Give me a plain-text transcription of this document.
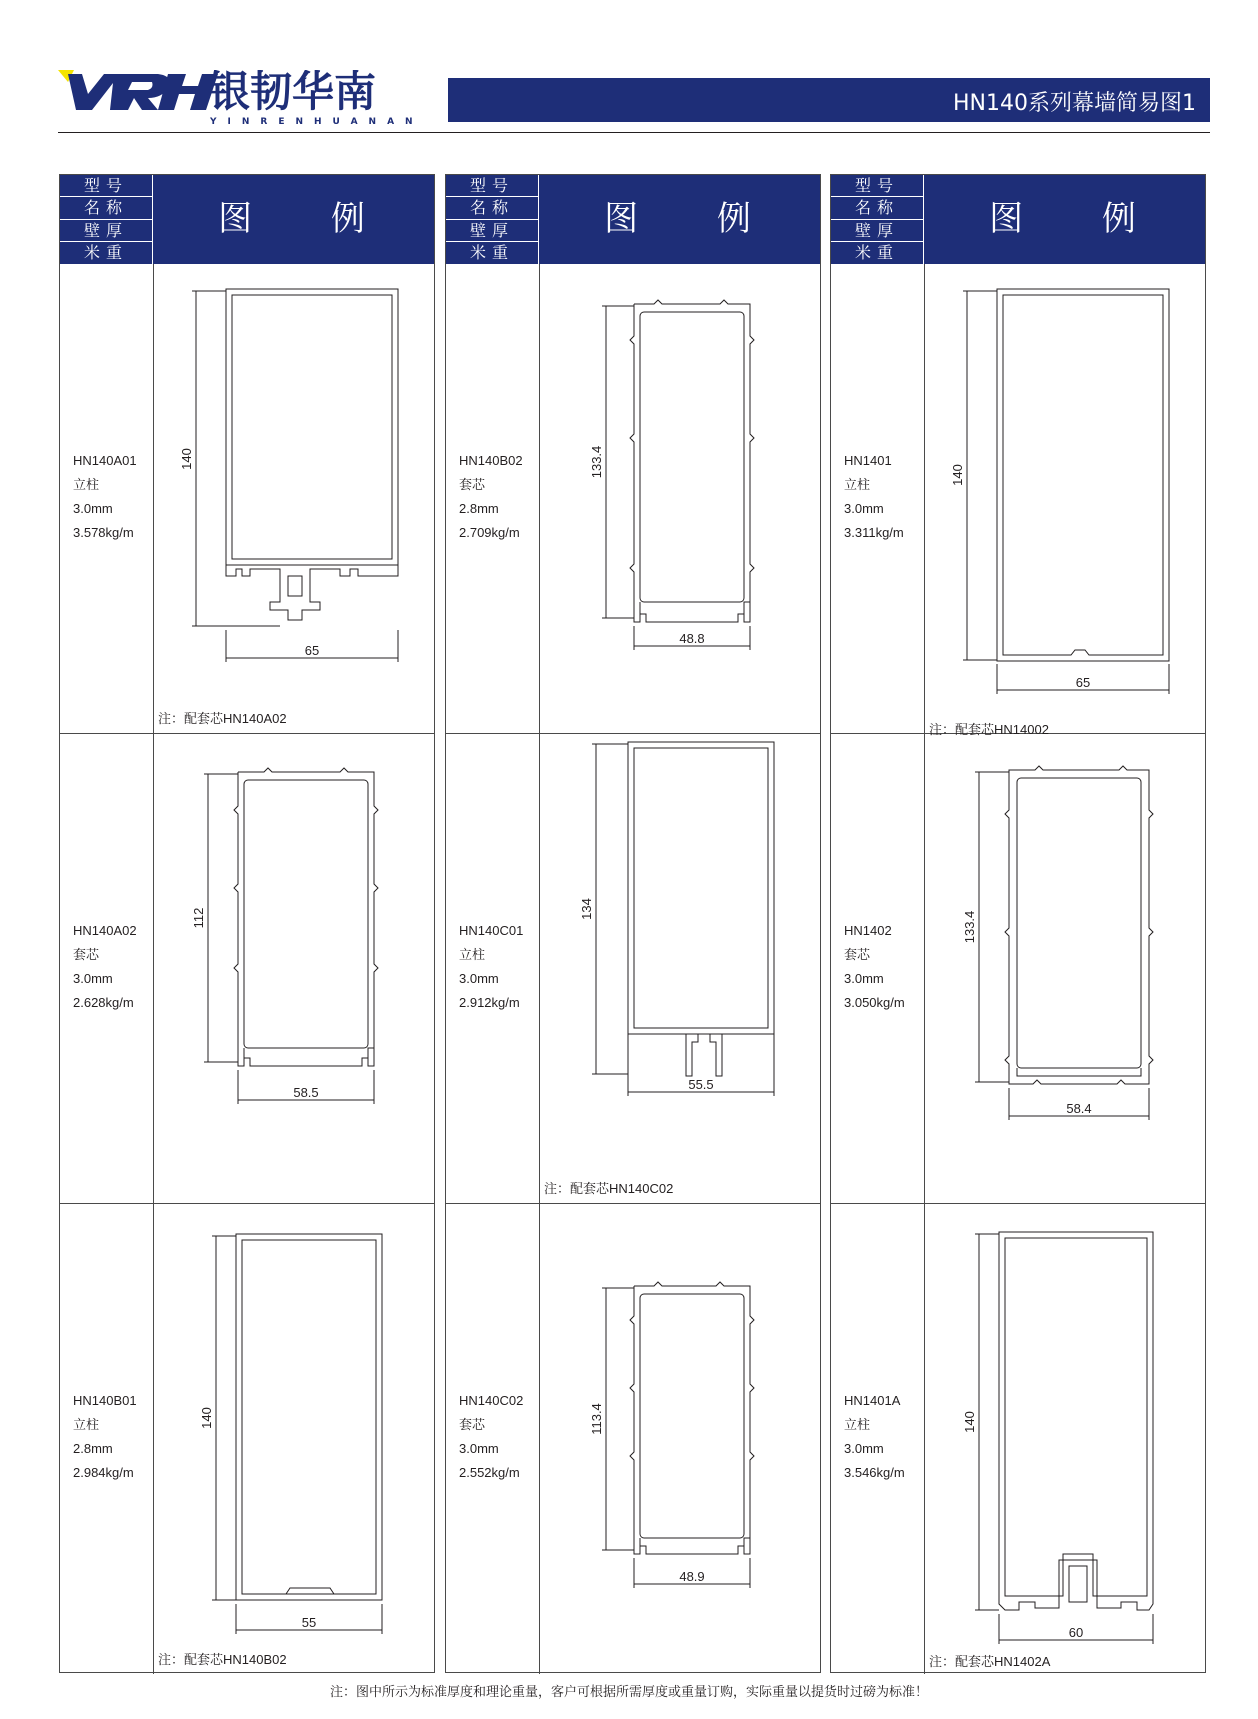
银韧华南
YINRENHUANAN
HN140系列幕墙简易图1
型号
名称
壁厚
米重
图 例
HN140A01
立柱
3.0mm
3.578kg/m
140
65
注：配套芯HN140A02
HN140A02
套芯
3.0mm
2.628kg/m
112
58.5
HN140B01
立柱
2.8mm
2.984kg/m
140
55
注：配套芯HN140B02
型号
名称
壁厚
米重
图 例
HN140B02
套芯
2.8mm
2.709kg/m
133.4
48.8
HN140C01
立柱
3.0mm
2.912kg/m
134
55.5
注：配套芯HN140C02
HN140C02
套芯
3.0mm
2.552kg/m
113.4
48.9
型号
名称
壁厚
米重
图 例
HN1401
立柱
3.0mm
3.311kg/m
140
65
注：配套芯HN14002
HN1402
套芯
3.0mm
3.050kg/m
133.4
58.4
HN1401A
立柱
3.0mm
3.546kg/m
140
60
注：配套芯HN1402A
注：图中所示为标准厚度和理论重量，客户可根据所需厚度或重量订购，实际重量以提货时过磅为标准！
